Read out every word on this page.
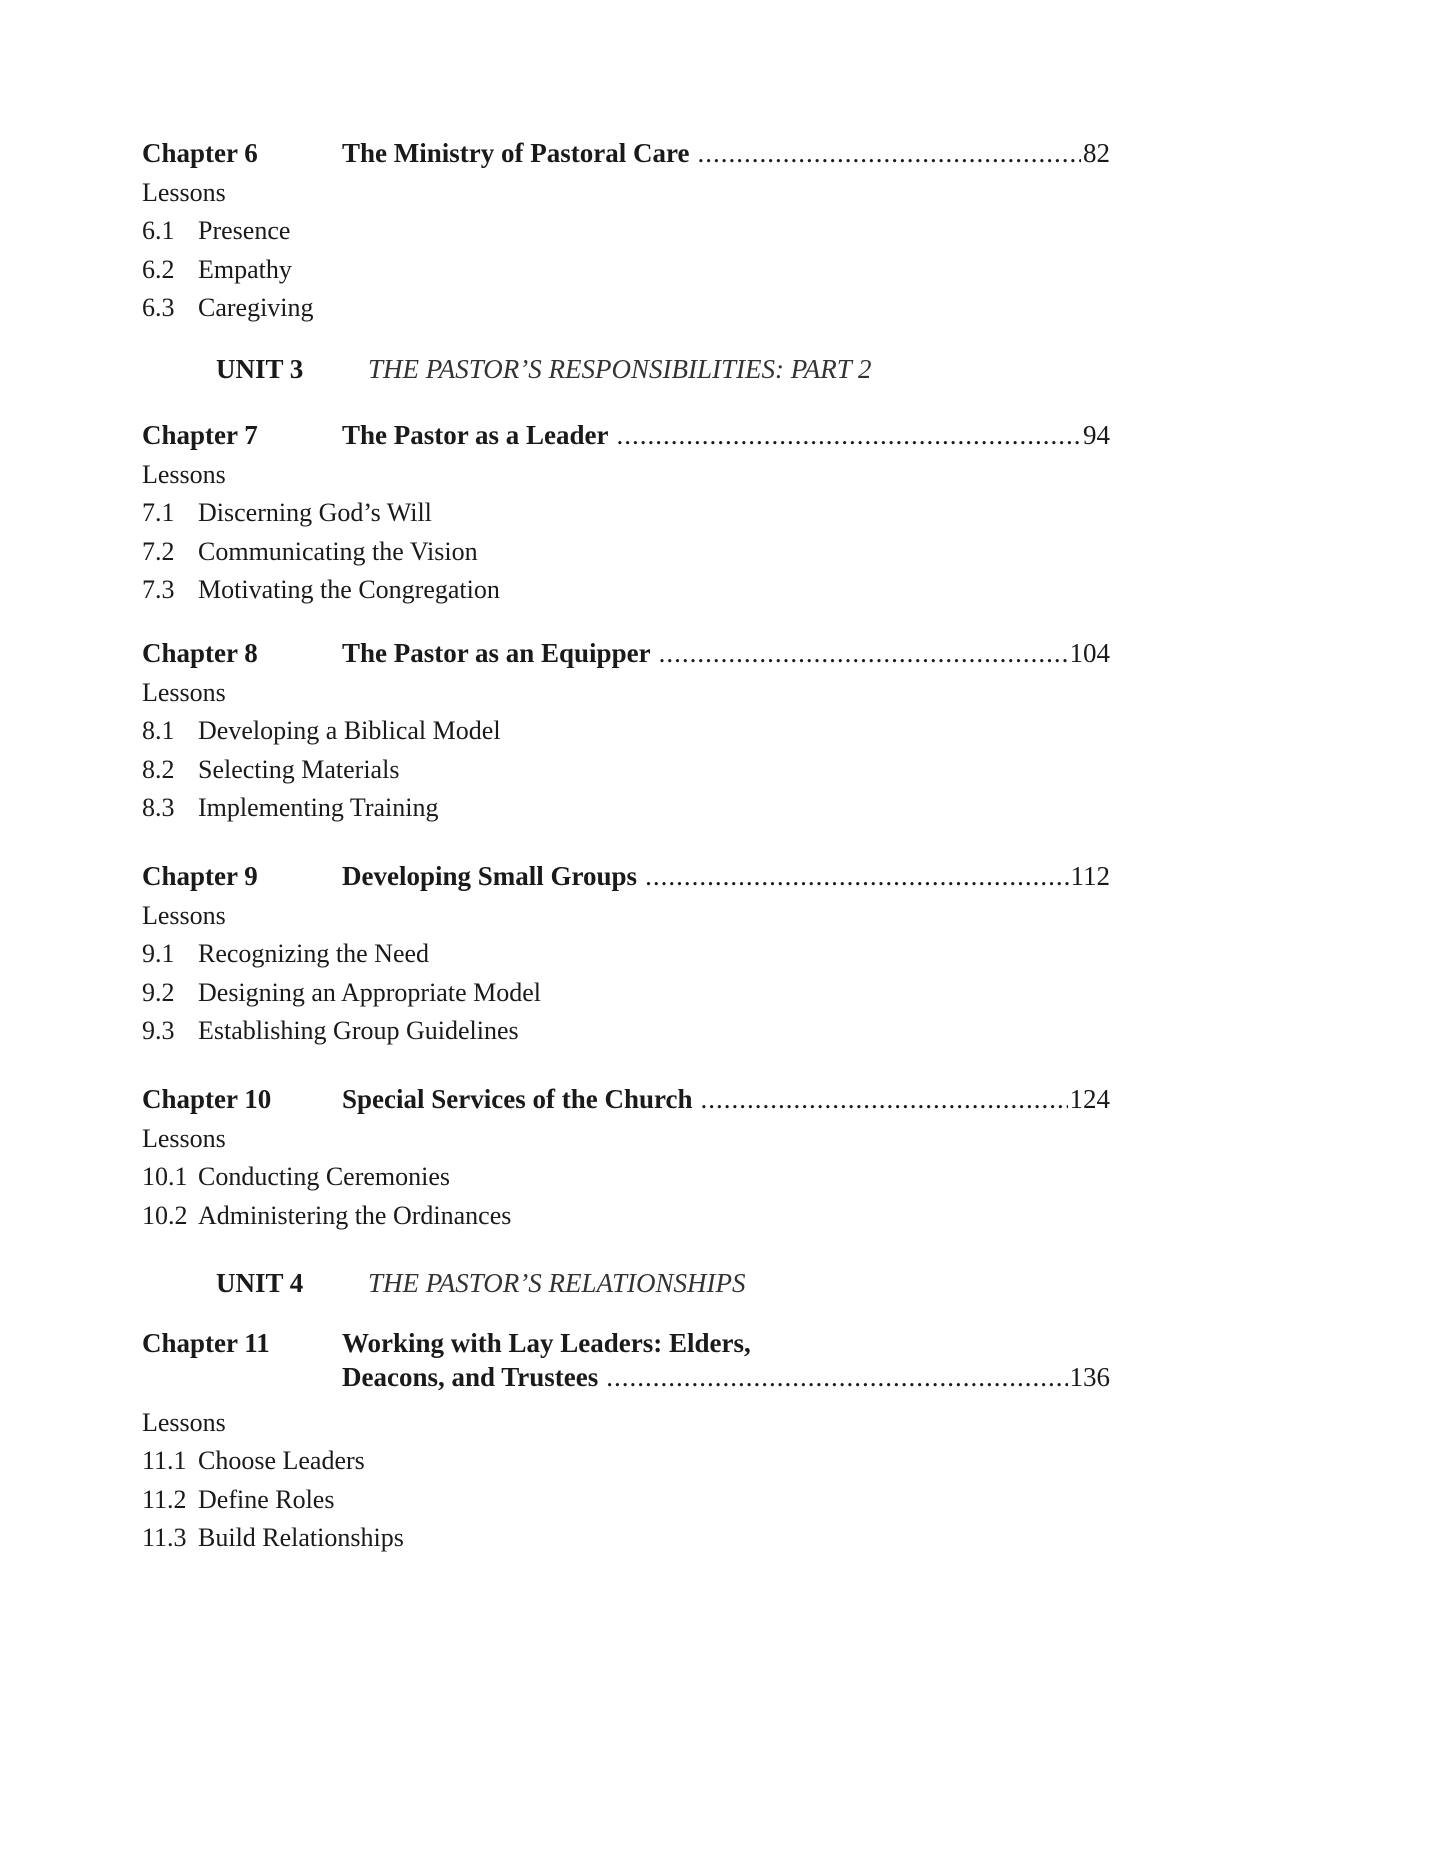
Chapter 6	The Ministry of Pastoral Care .....	82
Lessons
6.1 Presence
6.2 Empathy
6.3 Caregiving
UNIT 3 THE PASTOR’S RESPONSIBILITIES: PART 2
Chapter 7	The Pastor as a Leader .....	94
Lessons
7.1 Discerning God’s Will
7.2 Communicating the Vision
7.3 Motivating the Congregation
Chapter 8	The Pastor as an Equipper .....	104
Lessons
8.1 Developing a Biblical Model
8.2 Selecting Materials
8.3 Implementing Training
Chapter 9	Developing Small Groups .....	112
Lessons
9.1 Recognizing the Need
9.2 Designing an Appropriate Model
9.3 Establishing Group Guidelines
Chapter 10	Special Services of the Church .....	124
Lessons
10.1 Conducting Ceremonies
10.2 Administering the Ordinances
UNIT 4 THE PASTOR’S RELATIONSHIPS
Chapter 11	Working with Lay Leaders: Elders,
Deacons, and Trustees .....	136
Lessons
11.1 Choose Leaders
11.2 Define Roles
11.3 Build Relationships
